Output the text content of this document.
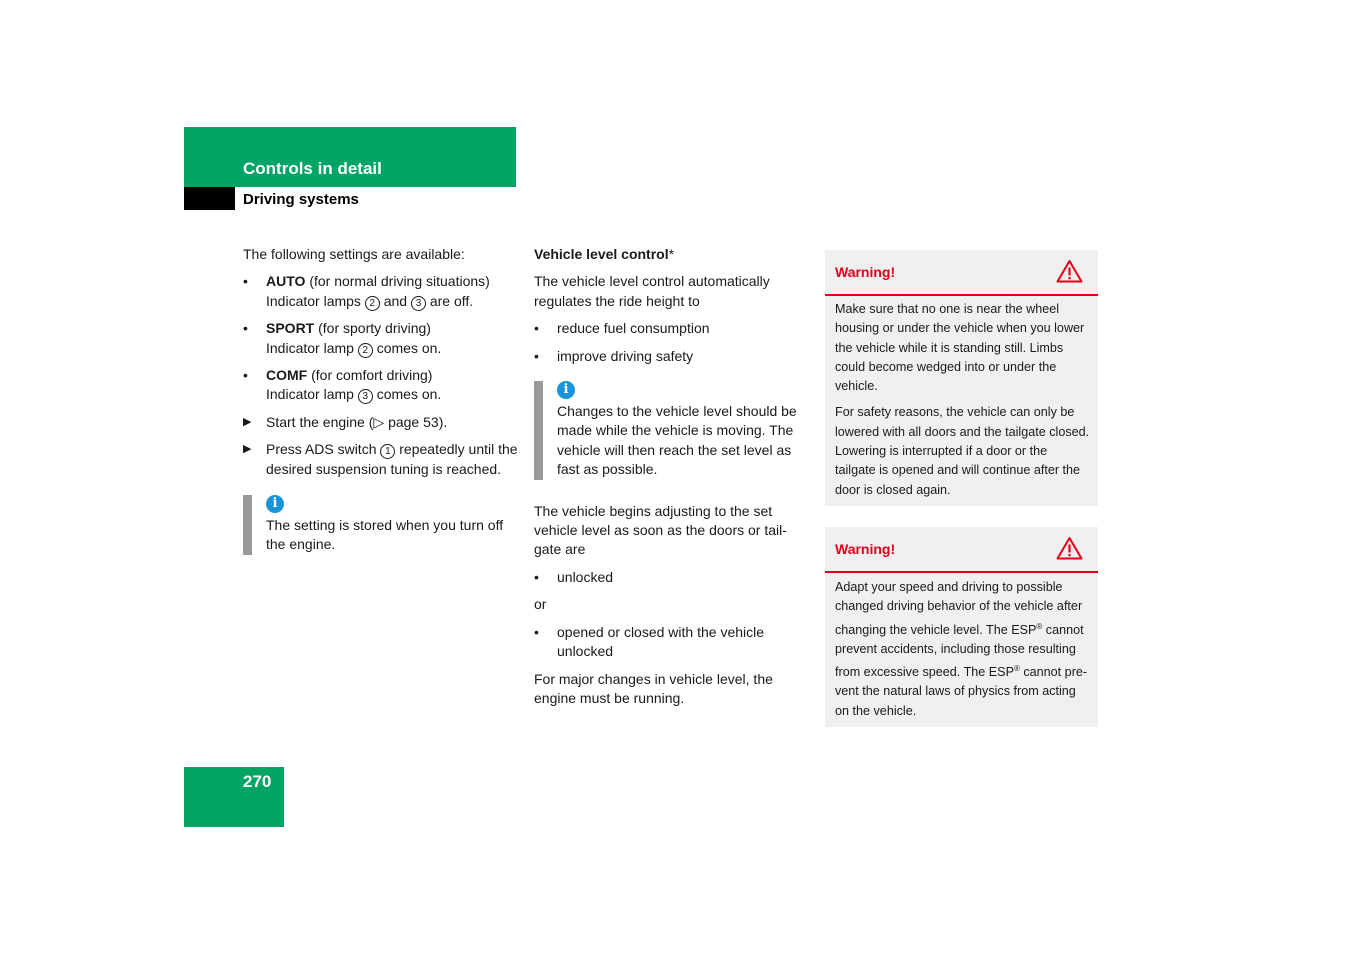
Controls in detail
Driving systems

The following settings are available:

• AUTO (for normal driving situations)
Indicator lamps 2 and 3 are off.
• SPORT (for sporty driving)
Indicator lamp 2 comes on.
• COMF (for comfort driving)
Indicator lamp 3 comes on.
▶ Start the engine (▷ page 53).
▶ Press ADS switch 1 repeatedly until the desired suspension tuning is reached.
i

The setting is stored when you turn off the engine.

Vehicle level control*

The vehicle level control automatically regulates the ride height to

• reduce fuel consumption
• improve driving safety
i

Changes to the vehicle level should be made while the vehicle is moving. The vehicle will then reach the set level as fast as possible.

The vehicle begins adjusting to the set vehicle level as soon as the doors or tail-gate are

• unlocked

or

• opened or closed with the vehicle unlocked

For major changes in vehicle level, the engine must be running.

Warning!

Make sure that no one is near the wheel housing or under the vehicle when you lower the vehicle while it is standing still. Limbs could become wedged into or under the vehicle.

For safety reasons, the vehicle can only be lowered with all doors and the tailgate closed. Lowering is interrupted if a door or the tailgate is opened and will continue after the door is closed again.

Warning!

Adapt your speed and driving to possible changed driving behavior of the vehicle after changing the vehicle level. The ESP® cannot prevent accidents, including those resulting from excessive speed. The ESP® cannot pre-vent the natural laws of physics from acting on the vehicle.

270
